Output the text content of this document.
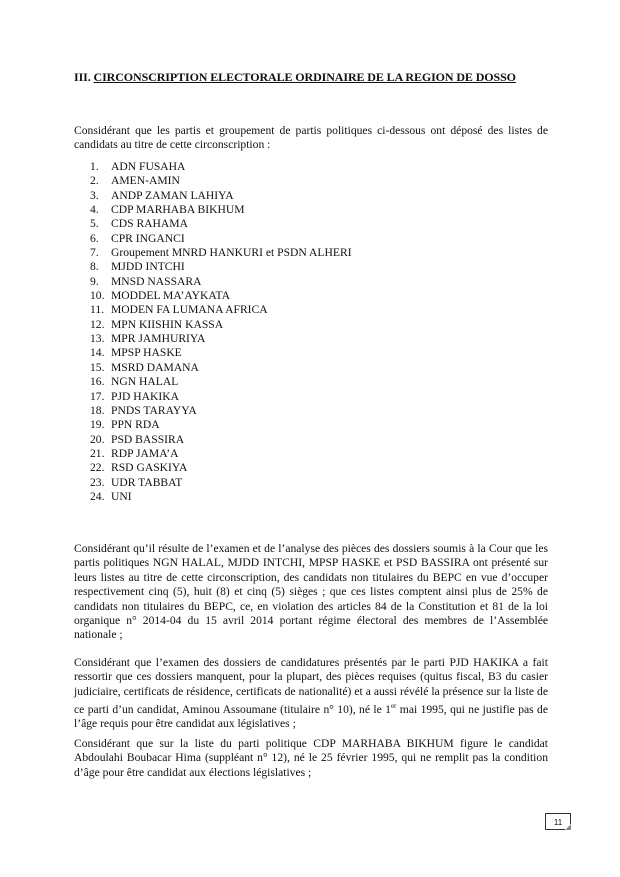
III. CIRCONSCRIPTION ELECTORALE ORDINAIRE DE LA REGION DE DOSSO

Considérant que les partis et groupement de partis politiques ci-dessous ont déposé des listes de candidats au titre de cette circonscription :

1. ADN FUSAHA
2. AMEN-AMIN
3. ANDP ZAMAN LAHIYA
4. CDP MARHABA BIKHUM
5. CDS RAHAMA
6. CPR INGANCI
7. Groupement MNRD HANKURI et PSDN ALHERI
8. MJDD INTCHI
9. MNSD NASSARA
10. MODDEL MA’AYKATA
11. MODEN FA LUMANA AFRICA
12. MPN KIISHIN KASSA
13. MPR JAMHURIYA
14. MPSP HASKE
15. MSRD DAMANA
16. NGN HALAL
17. PJD HAKIKA
18. PNDS TARAYYA
19. PPN RDA
20. PSD BASSIRA
21. RDP JAMA’A
22. RSD GASKIYA
23. UDR TABBAT
24. UNI

Considérant qu’il résulte de l’examen et de l’analyse des pièces des dossiers soumis à la Cour que les partis politiques NGN HALAL, MJDD INTCHI, MPSP HASKE et PSD BASSIRA ont présenté sur leurs listes au titre de cette circonscription, des candidats non titulaires du BEPC en vue d’occuper respectivement cinq (5), huit (8) et cinq (5) sièges ; que ces listes comptent ainsi plus de 25% de candidats non titulaires du BEPC, ce, en violation des articles 84 de la Constitution et 81 de la loi organique n° 2014-04 du 15 avril 2014 portant régime électoral des membres de l’Assemblée nationale ;

Considérant que l’examen des dossiers de candidatures présentés par le parti PJD HAKIKA a fait ressortir que ces dossiers manquent, pour la plupart, des pièces requises (quitus fiscal, B3 du casier judiciaire, certificats de résidence, certificats de nationalité) et a aussi révélé la présence sur la liste de ce parti d’un candidat, Aminou Assoumane (titulaire n° 10), né le 1er mai 1995, qui ne justifie pas de l’âge requis pour être candidat aux législatives ;

Considérant que sur la liste du parti politique CDP MARHABA BIKHUM figure le candidat Abdoulahi Boubacar Hima (suppléant n° 12), né le 25 février 1995, qui ne remplit pas la condition d’âge pour être candidat aux élections législatives ;

11
